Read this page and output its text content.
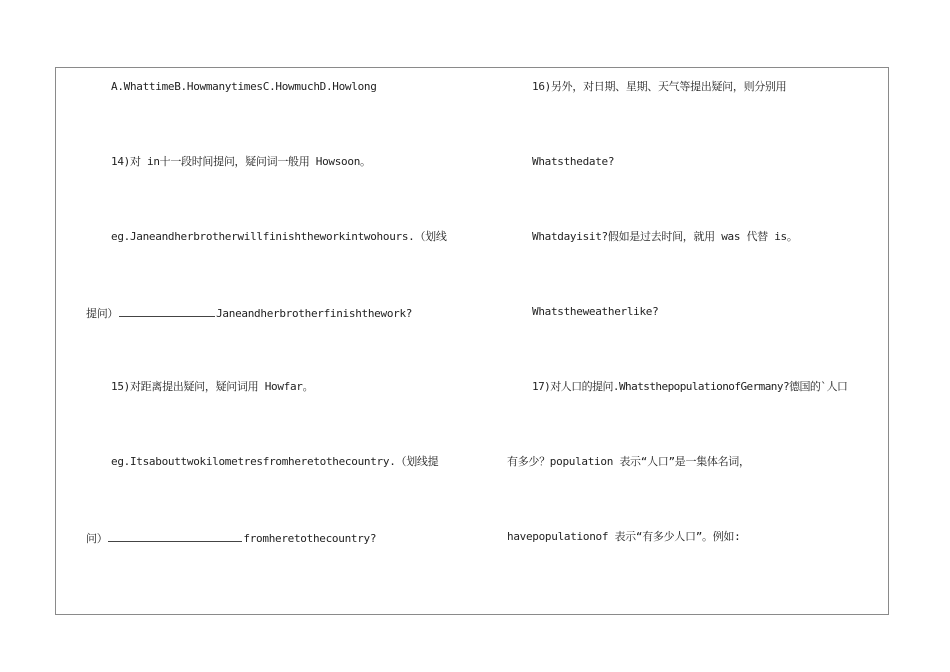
A.WhattimeB.HowmanytimesC.HowmuchD.Howlong
14)对 in十一段时间提问，疑问词一般用 Howsoon。
eg.Janeandherbrotherwillfinishtheworkintwohours.（划线
提问）	Janeandherbrotherfinishthework?
15)对距离提出疑问，疑问词用 Howfar。
eg.Itsabouttwokilometresfromheretothecountry.（划线提
问）	fromheretothecountry?
16)另外，对日期、星期、天气等提出疑问，则分别用
Whatsthedate?
Whatdayisit?假如是过去时间，就用 was 代替 is。
Whatstheweatherlike?
17)对人口的提问.WhatsthepopulationofGermany?德国的`人口
有多少？population 表示“人口”是一集体名词，
havepopulationof 表示“有多少人口”。例如:
